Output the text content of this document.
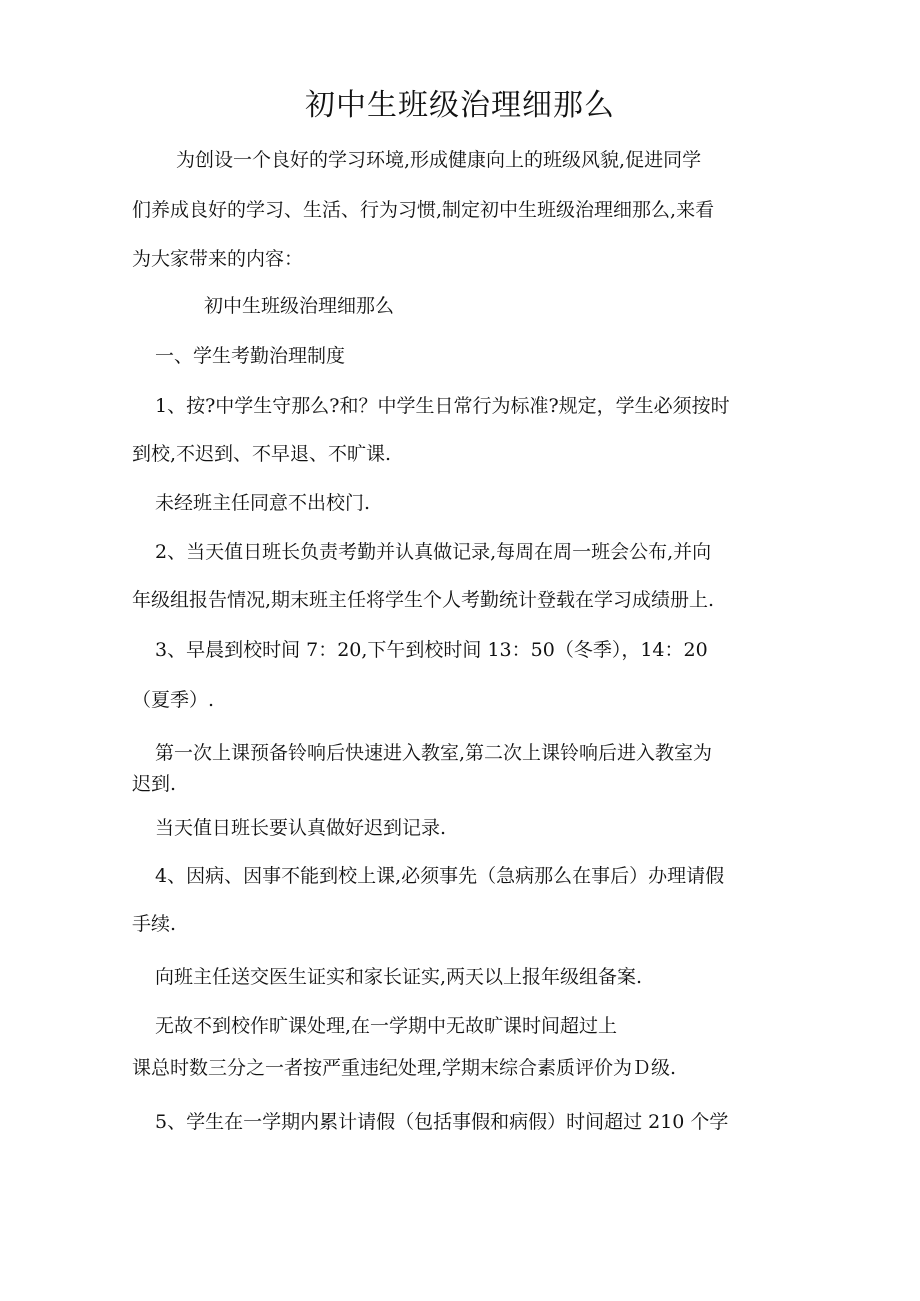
初中生班级治理细那么
为创设一个良好的学习环境,形成健康向上的班级风貌,促进同学
们养成良好的学习、生活、行为习惯,制定初中生班级治理细那么,来看
为大家带来的内容：
初中生班级治理细那么
一、学生考勤治理制度
1、按?中学生守那么?和？中学生日常行为标准?规定，学生必须按时
到校,不迟到、不早退、不旷课.
未经班主任同意不出校门.
2、当天值日班长负责考勤并认真做记录,每周在周一班会公布,并向
年级组报告情况,期末班主任将学生个人考勤统计登载在学习成绩册上.
3、早晨到校时间 7：20,下午到校时间 13：50（冬季），14：20
（夏季）.
第一次上课预备铃响后快速进入教室,第二次上课铃响后进入教室为
迟到.
当天值日班长要认真做好迟到记录.
4、因病、因事不能到校上课,必须事先（急病那么在事后）办理请假
手续.
向班主任送交医生证实和家长证实,两天以上报年级组备案.
无故不到校作旷课处理,在一学期中无故旷课时间超过上
课总时数三分之一者按严重违纪处理,学期末综合素质评价为Ｄ级.
5、学生在一学期内累计请假（包括事假和病假）时间超过 210 个学
